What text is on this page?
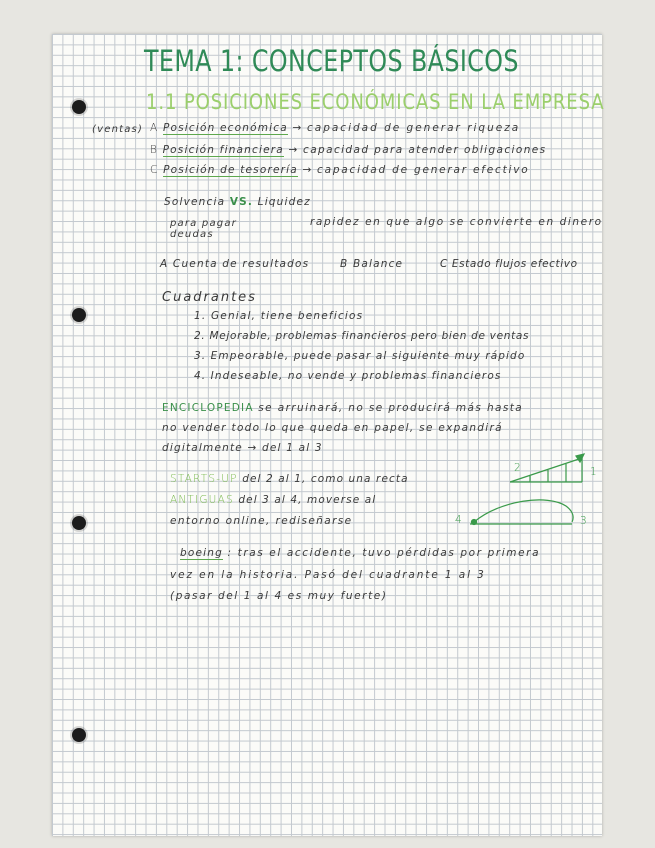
TEMA 1: CONCEPTOS BÁSICOS
1.1 POSICIONES ECONÓMICAS EN LA EMPRESA
(ventas) A Posición económica → capacidad de generar riqueza
B Posición financiera → capacidad para atender obligaciones
C Posición de tesorería → capacidad de generar efectivo
Solvencia VS. Liquidez
para pagar deudas
rapidez en que algo se convierte en dinero
A Cuenta de resultados	B Balance	C Estado flujos efectivo
Cuadrantes
1. Genial, tiene beneficios
2. Mejorable, problemas financieros pero bien de ventas
3. Empeorable, puede pasar al siguiente muy rápido
4. Indeseable, no vende y problemas financieros
ENCICLOPEDIA se arruinará, no se producirá más hasta
no vender todo lo que queda en papel, se expandirá
digitalmente → del 1 al 3
STARTS-UP del 2 al 1, como una recta
ANTIGUAS del 3 al 4, moverse al
entorno online, rediseñarse
2	1
4	3
boeing : tras el accidente, tuvo pérdidas por primera
vez en la historia. Pasó del cuadrante 1 al 3
(pasar del 1 al 4 es muy fuerte)
